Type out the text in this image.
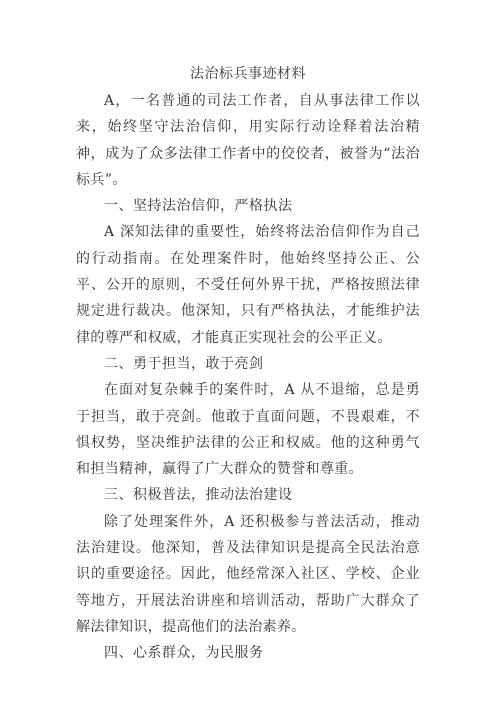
法治标兵事迹材料

A，一名普通的司法工作者，自从事法律工作以来，始终坚守法治信仰，用实际行动诠释着法治精神，成为了众多法律工作者中的佼佼者，被誉为“法治标兵”。

一、坚持法治信仰，严格执法

A 深知法律的重要性，始终将法治信仰作为自己的行动指南。在处理案件时，他始终坚持公正、公平、公开的原则，不受任何外界干扰，严格按照法律规定进行裁决。他深知，只有严格执法，才能维护法律的尊严和权威，才能真正实现社会的公平正义。

二、勇于担当，敢于亮剑

在面对复杂棘手的案件时，A 从不退缩，总是勇于担当，敢于亮剑。他敢于直面问题，不畏艰难，不惧权势，坚决维护法律的公正和权威。他的这种勇气和担当精神，赢得了广大群众的赞誉和尊重。

三、积极普法，推动法治建设

除了处理案件外，A 还积极参与普法活动，推动法治建设。他深知，普及法律知识是提高全民法治意识的重要途径。因此，他经常深入社区、学校、企业等地方，开展法治讲座和培训活动，帮助广大群众了解法律知识，提高他们的法治素养。

四、心系群众，为民服务
